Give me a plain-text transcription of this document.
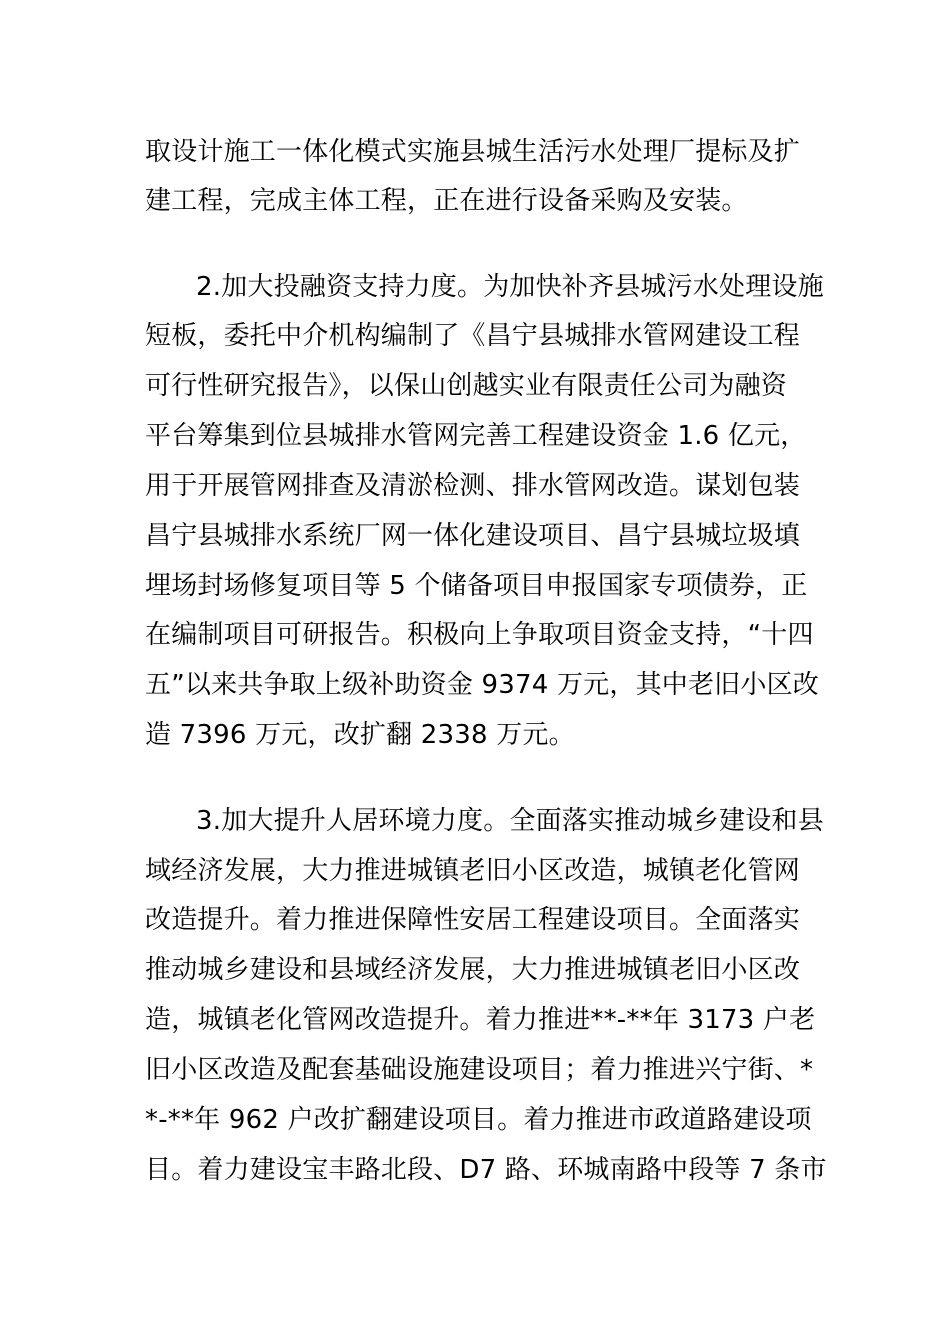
取设计施工一体化模式实施县城生活污水处理厂提标及扩
建工程，完成主体工程，正在进行设备采购及安装。
2.加大投融资支持力度。为加快补齐县城污水处理设施
短板，委托中介机构编制了《昌宁县城排水管网建设工程
可行性研究报告》，以保山创越实业有限责任公司为融资
平台筹集到位县城排水管网完善工程建设资金 1.6 亿元，
用于开展管网排查及清淤检测、排水管网改造。谋划包装
昌宁县城排水系统厂网一体化建设项目、昌宁县城垃圾填
埋场封场修复项目等 5 个储备项目申报国家专项债券，正
在编制项目可研报告。积极向上争取项目资金支持，“十四
五”以来共争取上级补助资金 9374 万元，其中老旧小区改
造 7396 万元，改扩翻 2338 万元。
3.加大提升人居环境力度。全面落实推动城乡建设和县
域经济发展，大力推进城镇老旧小区改造，城镇老化管网
改造提升。着力推进保障性安居工程建设项目。全面落实
推动城乡建设和县域经济发展，大力推进城镇老旧小区改
造，城镇老化管网改造提升。着力推进**-**年 3173 户老
旧小区改造及配套基础设施建设项目；着力推进兴宁街、*
*-**年 962 户改扩翻建设项目。着力推进市政道路建设项
目。着力建设宝丰路北段、D7 路、环城南路中段等 7 条市
